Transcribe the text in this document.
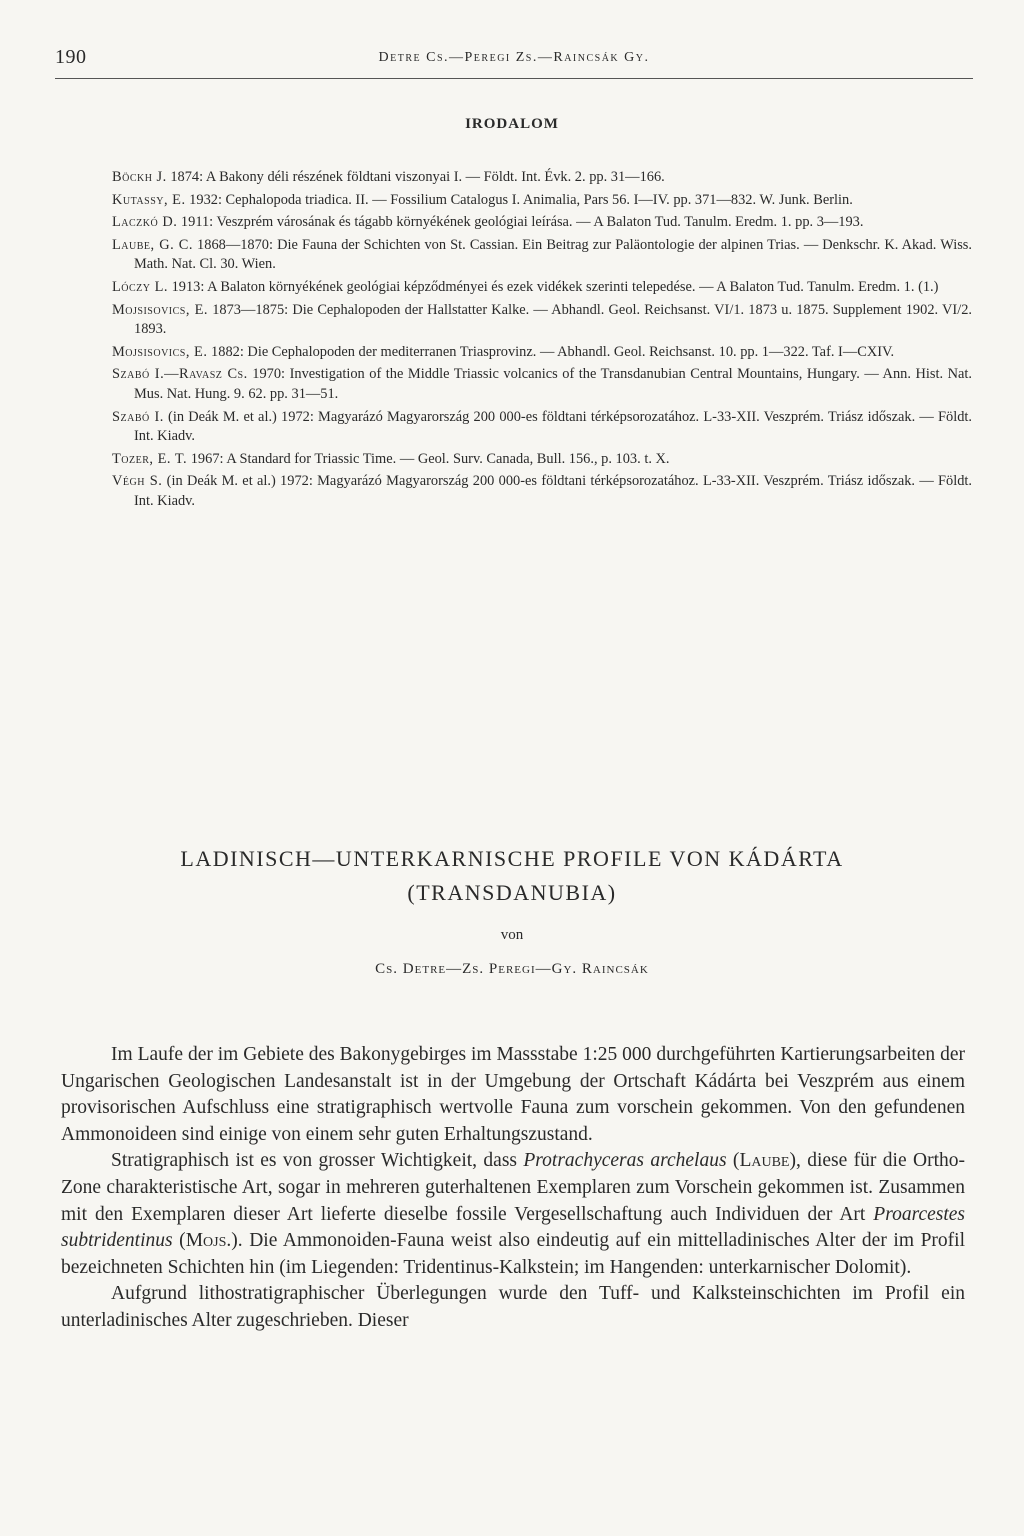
190	Detre Cs.—Peregi Zs.—Raincsák Gy.
IRODALOM

Böckh J. 1874: A Bakony déli részének földtani viszonyai I. — Földt. Int. Évk. 2. pp. 31—166.

Kutassy, E. 1932: Cephalopoda triadica. II. — Fossilium Catalogus I. Animalia, Pars 56. I—IV. pp. 371—832. W. Junk. Berlin.

Laczkó D. 1911: Veszprém városának és tágabb környékének geológiai leírása. — A Balaton Tud. Tanulm. Eredm. 1. pp. 3—193.

Laube, G. C. 1868—1870: Die Fauna der Schichten von St. Cassian. Ein Beitrag zur Paläontologie der alpinen Trias. — Denkschr. K. Akad. Wiss. Math. Nat. Cl. 30. Wien.

Lóczy L. 1913: A Balaton környékének geológiai képződményei és ezek vidékek szerinti telepedése. — A Balaton Tud. Tanulm. Eredm. 1. (1.)

Mojsisovics, E. 1873—1875: Die Cephalopoden der Hallstatter Kalke. — Abhandl. Geol. Reichsanst. VI/1. 1873 u. 1875. Supplement 1902. VI/2. 1893.

Mojsisovics, E. 1882: Die Cephalopoden der mediterranen Triasprovinz. — Abhandl. Geol. Reichsanst. 10. pp. 1—322. Taf. I—CXIV.

Szabó I.—Ravasz Cs. 1970: Investigation of the Middle Triassic volcanics of the Transdanubian Central Mountains, Hungary. — Ann. Hist. Nat. Mus. Nat. Hung. 9. 62. pp. 31—51.

Szabó I. (in Deák M. et al.) 1972: Magyarázó Magyarország 200 000-es földtani térképsorozatához. L-33-XII. Veszprém. Triász időszak. — Földt. Int. Kiadv.

Tozer, E. T. 1967: A Standard for Triassic Time. — Geol. Surv. Canada, Bull. 156., p. 103. t. X.

Végh S. (in Deák M. et al.) 1972: Magyarázó Magyarország 200 000-es földtani térképsorozatához. L-33-XII. Veszprém. Triász időszak. — Földt. Int. Kiadv.

LADINISCH—UNTERKARNISCHE PROFILE VON KÁDÁRTA
(TRANSDANUBIA)
von
Cs. Detre—Zs. Peregi—Gy. Raincsák

Im Laufe der im Gebiete des Bakonygebirges im Massstabe 1:25 000 durchgeführten Kartierungsarbeiten der Ungarischen Geologischen Landesanstalt ist in der Umgebung der Ortschaft Kádárta bei Veszprém aus einem provisorischen Aufschluss eine stratigraphisch wertvolle Fauna zum vorschein gekommen. Von den gefundenen Ammonoideen sind einige von einem sehr guten Erhaltungszustand.

Stratigraphisch ist es von grosser Wichtigkeit, dass Protrachyceras archelaus (Laube), diese für die Ortho-Zone charakteristische Art, sogar in mehreren guterhaltenen Exemplaren zum Vorschein gekommen ist. Zusammen mit den Exemplaren dieser Art lieferte dieselbe fossile Vergesellschaftung auch Individuen der Art Proarcestes subtridentinus (Mojs.). Die Ammonoiden-Fauna weist also eindeutig auf ein mittelladinisches Alter der im Profil bezeichneten Schichten hin (im Liegenden: Tridentinus-Kalkstein; im Hangenden: unterkarnischer Dolomit).

Aufgrund lithostratigraphischer Überlegungen wurde den Tuff- und Kalksteinschichten im Profil ein unterladinisches Alter zugeschrieben. Dieser
